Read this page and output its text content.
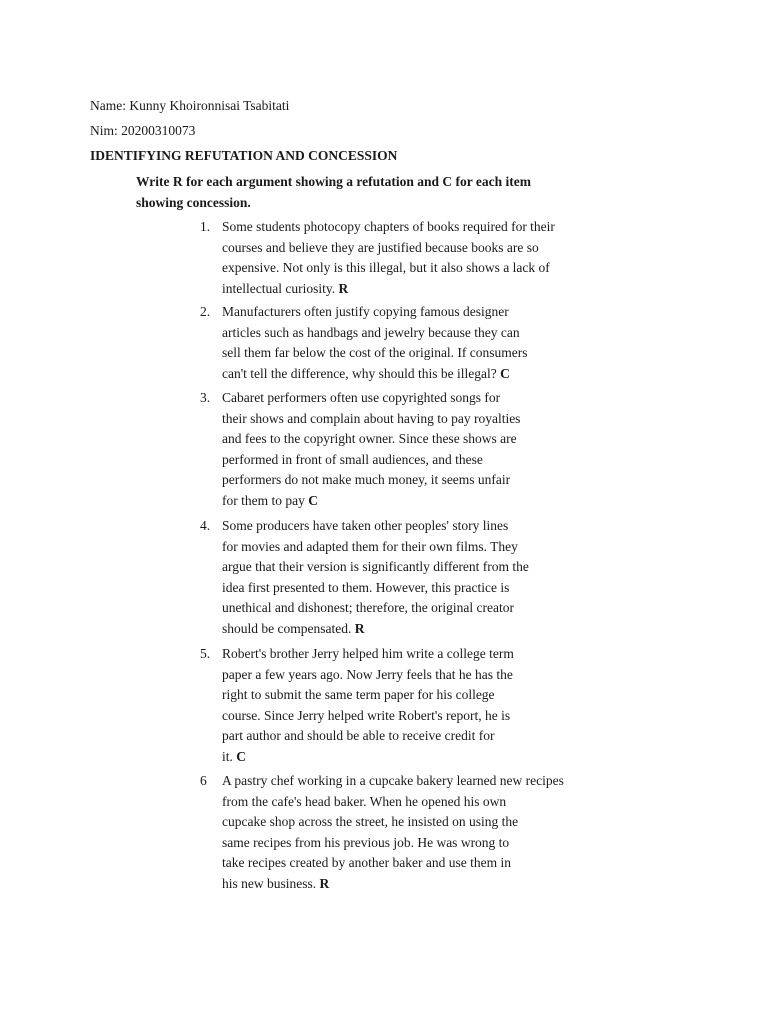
Name: Kunny Khoironnisai Tsabitati
Nim: 20200310073
IDENTIFYING REFUTATION AND CONCESSION
Write R for each argument showing a refutation and C for each item showing concession.
1. Some students photocopy chapters of books required for their
courses and believe they are justified because books are so
expensive. Not only is this illegal, but it also shows a lack of
intellectual curiosity. R
2. Manufacturers often justify copying famous designer
articles such as handbags and jewelry because they can
sell them far below the cost of the original. If consumers
can't tell the difference, why should this be illegal? C
3. Cabaret performers often use copyrighted songs for
their shows and complain about having to pay royalties
and fees to the copyright owner. Since these shows are
performed in front of small audiences, and these
performers do not make much money, it seems unfair
for them to pay C
4. Some producers have taken other peoples' story lines
for movies and adapted them for their own films. They
argue that their version is significantly different from the
idea first presented to them. However, this practice is
unethical and dishonest; therefore, the original creator
should be compensated. R
5. Robert's brother Jerry helped him write a college term
paper a few years ago. Now Jerry feels that he has the
right to submit the same term paper for his college
course. Since Jerry helped write Robert's report, he is
part author and should be able to receive credit for
it. C
6	A pastry chef working in a cupcake bakery learned new recipes
from the cafe's head baker. When he opened his own
cupcake shop across the street, he insisted on using the
same recipes from his previous job. He was wrong to
take recipes created by another baker and use them in
his new business. R
